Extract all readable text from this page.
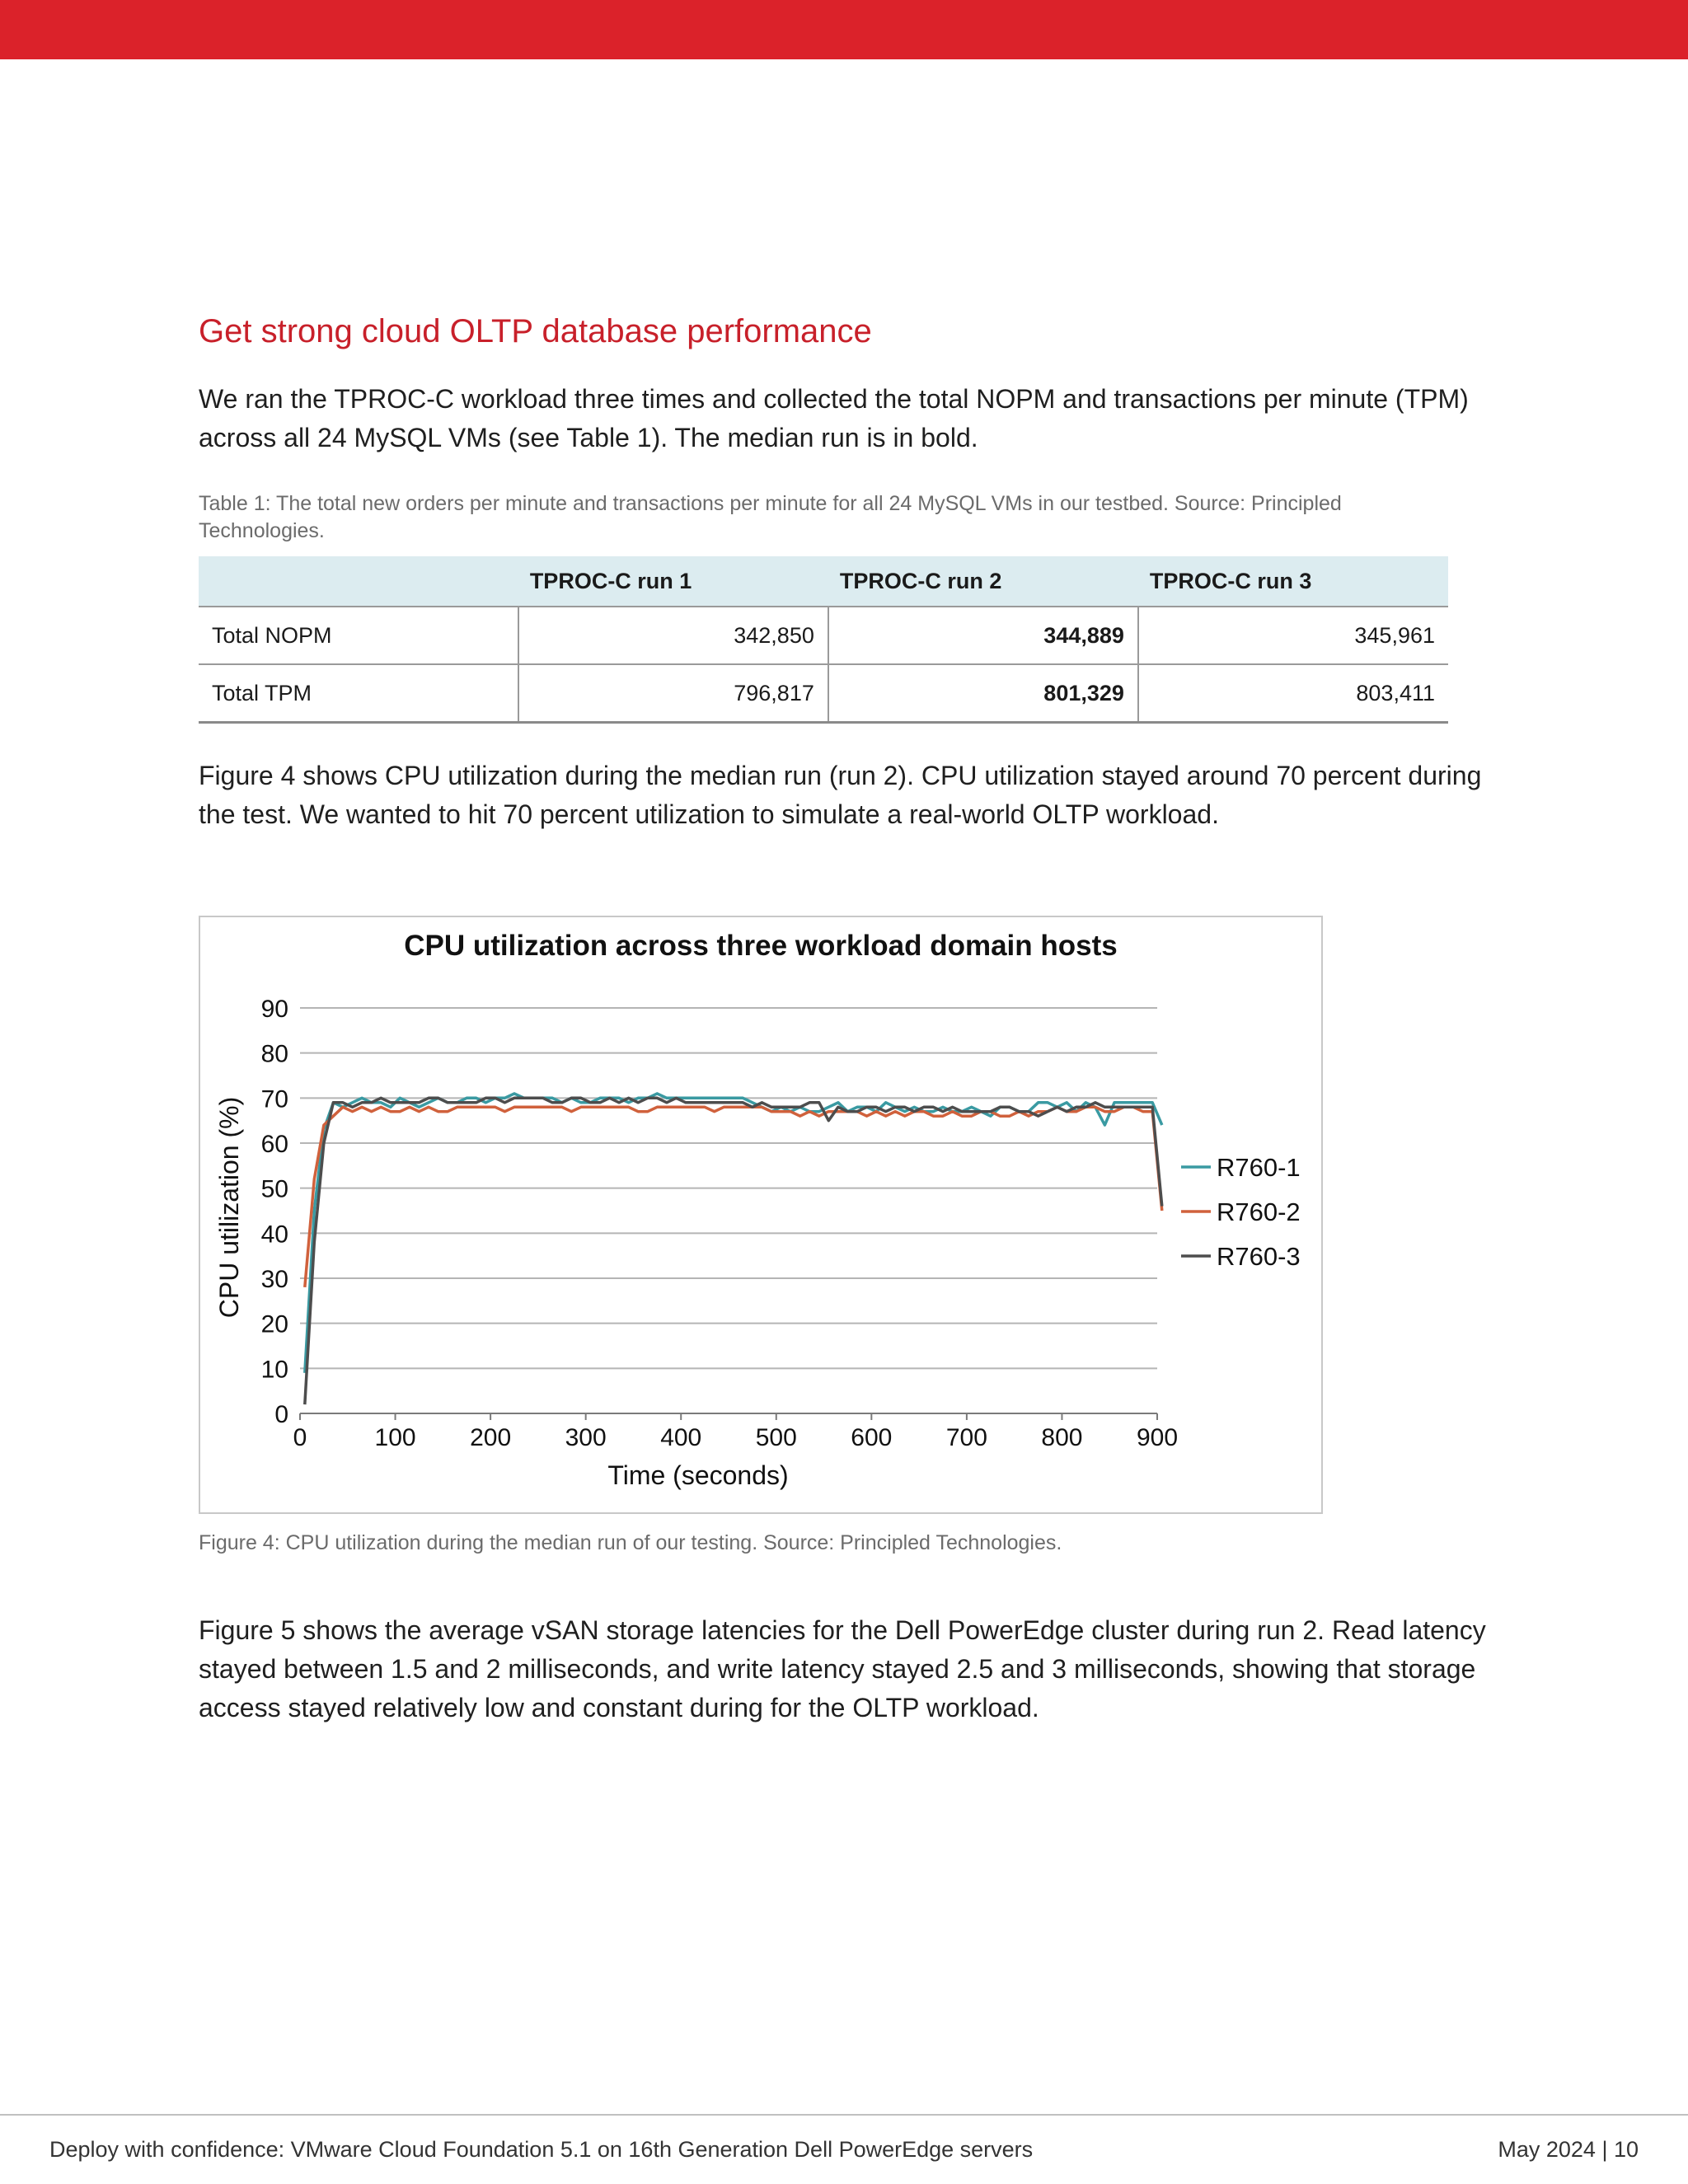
Get strong cloud OLTP database performance

We ran the TPROC-C workload three times and collected the total NOPM and transactions per minute (TPM) across all 24 MySQL VMs (see Table 1). The median run is in bold.

Table 1: The total new orders per minute and transactions per minute for all 24 MySQL VMs in our testbed. Source: Principled Technologies.

	TPROC-C run 1	TPROC-C run 2	TPROC-C run 3
Total NOPM	342,850	344,889	345,961
Total TPM	796,817	801,329	803,411

Figure 4 shows CPU utilization during the median run (run 2). CPU utilization stayed around 70 percent during the test. We wanted to hit 70 percent utilization to simulate a real-world OLTP workload.

CPU utilization across three workload domain hosts
0
10
20
30
40
50
60
70
80
90
0	100 200 300 400 500 600 700 800 900
R760-1
R760-2
R760-3
Time (seconds)
CPU utilization (%)

Figure 4: CPU utilization during the median run of our testing. Source: Principled Technologies.

Figure 5 shows the average vSAN storage latencies for the Dell PowerEdge cluster during run 2. Read latency stayed between 1.5 and 2 milliseconds, and write latency stayed 2.5 and 3 milliseconds, showing that storage access stayed relatively low and constant during for the OLTP workload.

Deploy with confidence: VMware Cloud Foundation 5.1 on 16th Generation Dell PowerEdge servers	May 2024 | 10
